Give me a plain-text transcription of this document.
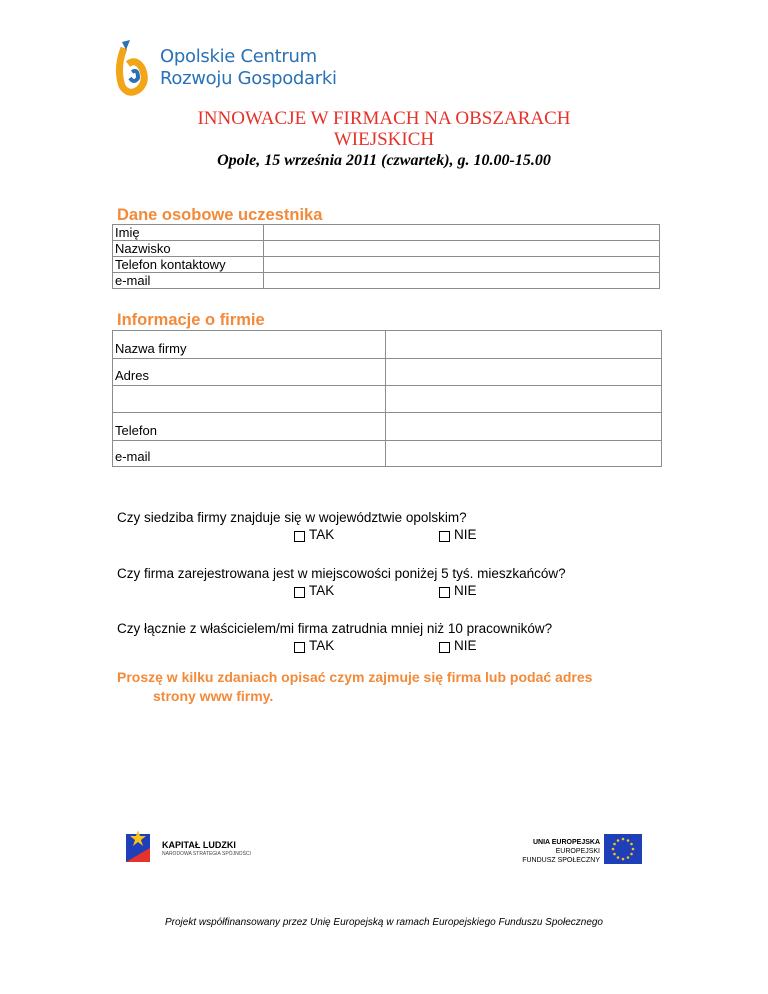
Opolskie Centrum
Rozwoju Gospodarki
INNOWACJE W FIRMACH NA OBSZARACH
WIEJSKICH
Opole, 15 września 2011 (czwartek), g. 10.00-15.00
Dane osobowe uczestnika
Imię	
Nazwisko	
Telefon kontaktowy	
e-mail	
Informacje o firmie
Nazwa firmy	
Adres	

Telefon	
e-mail	
Czy siedziba firmy znajduje się w województwie opolskim?
TAK	NIE
Czy firma zarejestrowana jest w miejscowości poniżej 5 tyś. mieszkańców?
TAK	NIE
Czy łącznie z właścicielem/mi firma zatrudnia mniej niż 10 pracowników?
TAK	NIE
Proszę w kilku zdaniach opisać czym zajmuje się firma lub podać adres
strony www firmy.
KAPITAŁ LUDZKI
NARODOWA STRATEGIA SPÓJNOŚCI
UNIA EUROPEJSKA
EUROPEJSKI
FUNDUSZ SPOŁECZNY
Projekt współfinansowany przez Unię Europejską w ramach Europejskiego Funduszu Społecznego
